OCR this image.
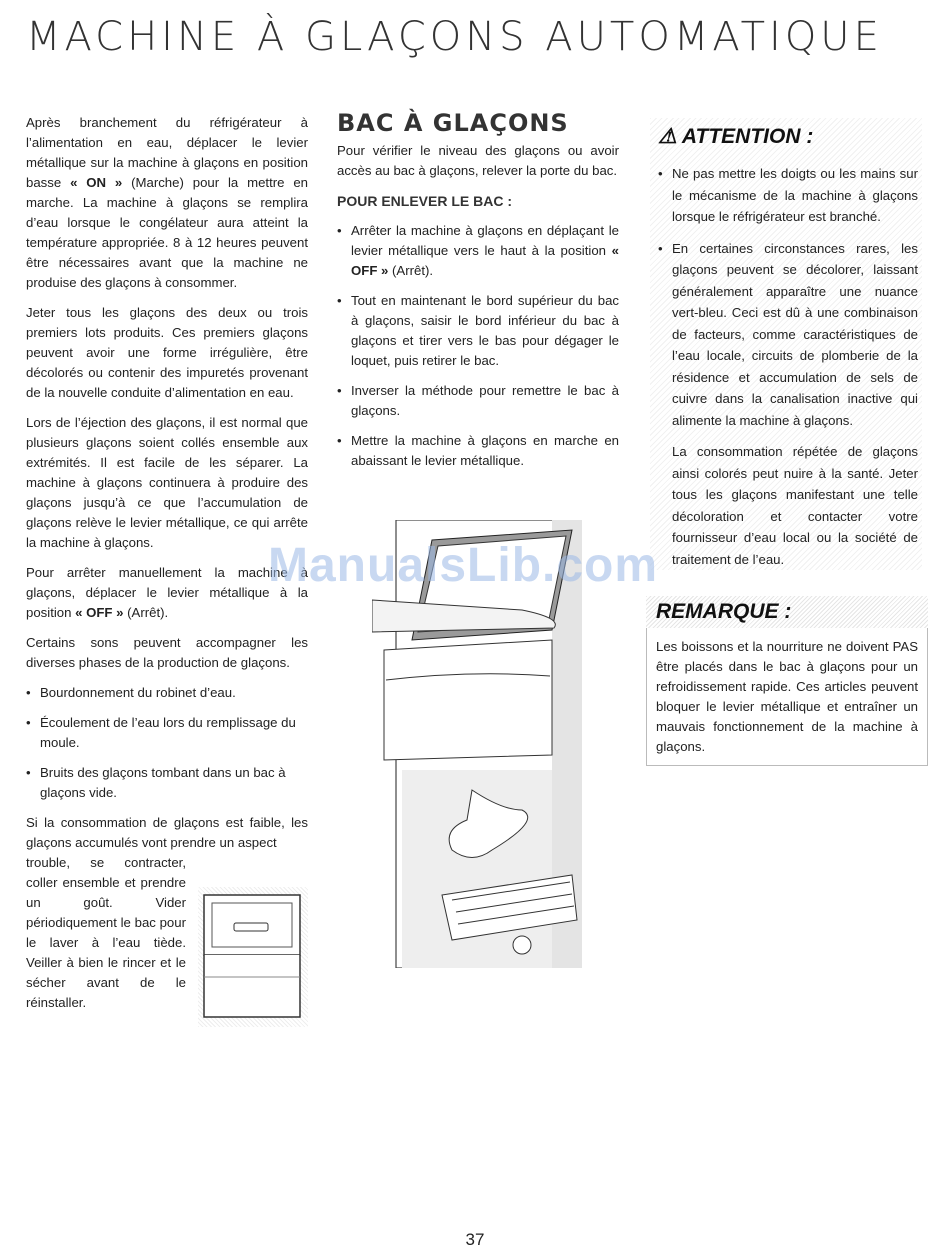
MACHINE À GLAÇONS AUTOMATIQUE

Après branchement du réfrigérateur à l’alimentation en eau, déplacer le levier métallique sur la machine à glaçons en position basse « ON » (Marche) pour la mettre en marche. La machine à glaçons se remplira d’eau lorsque le congélateur aura atteint la température appropriée. 8 à 12 heures peuvent être nécessaires avant que la machine ne produise des glaçons à consommer.

Jeter tous les glaçons des deux ou trois premiers lots produits. Ces premiers glaçons peuvent avoir une forme irrégulière, être décolorés ou contenir des impuretés provenant de la nouvelle conduite d’alimentation en eau.

Lors de l’éjection des glaçons, il est normal que plusieurs glaçons soient collés ensemble aux extrémités. Il est facile de les séparer. La machine à glaçons continuera à produire des glaçons jusqu’à ce que l’accumulation de glaçons relève le levier métallique, ce qui arrête la machine à glaçons.

Pour arrêter manuellement la machine à glaçons, déplacer le levier métallique à la position « OFF » (Arrêt).

Certains sons peuvent accompagner les diverses phases de la production de glaçons.

• Bourdonnement du robinet d’eau.
• Écoulement de l’eau lors du remplissage du moule.
• Bruits des glaçons tombant dans un bac à glaçons vide.

Si la consommation de glaçons est faible, les glaçons accumulés vont prendre un aspect

trouble, se contracter, coller ensemble et prendre un goût. Vider périodiquement le bac pour le laver à l’eau tiède. Veiller à bien le rincer et le sécher avant de le réinstaller.

BAC À GLAÇONS

Pour vérifier le niveau des glaçons ou avoir accès au bac à glaçons, relever la porte du bac.

POUR ENLEVER LE BAC :
• Arrêter la machine à glaçons en déplaçant le levier métallique vers le haut à la position « OFF » (Arrêt).
• Tout en maintenant le bord supérieur du bac à glaçons, saisir le bord inférieur du bac à glaçons et tirer vers le bas pour dégager le loquet, puis retirer le bac.
• Inverser la méthode pour remettre le bac à glaçons.
• Mettre la machine à glaçons en marche en abaissant le levier métallique.
⚠ ATTENTION :
• Ne pas mettre les doigts ou les mains sur le mécanisme de la machine à glaçons lorsque le réfrigérateur est branché.
• En certaines circonstances rares, les glaçons peuvent se décolorer, laissant généralement apparaître une nuance vert-bleu. Ceci est dû à une combinaison de facteurs, comme caractéristiques de l’eau locale, circuits de plomberie de la résidence et accumulation de sels de cuivre dans la canalisation inactive qui alimente la machine à glaçons.

La consommation répétée de glaçons ainsi colorés peut nuire à la santé. Jeter tous les glaçons manifestant une telle décoloration et contacter votre fournisseur d’eau local ou la société de traitement de l’eau.

REMARQUE :
Les boissons et la nourriture ne doivent PAS être placés dans le bac à glaçons pour un refroidissement rapide. Ces articles peuvent bloquer le levier métallique et entraîner un mauvais fonctionnement de la machine à glaçons.
ManualsLib.com
37
